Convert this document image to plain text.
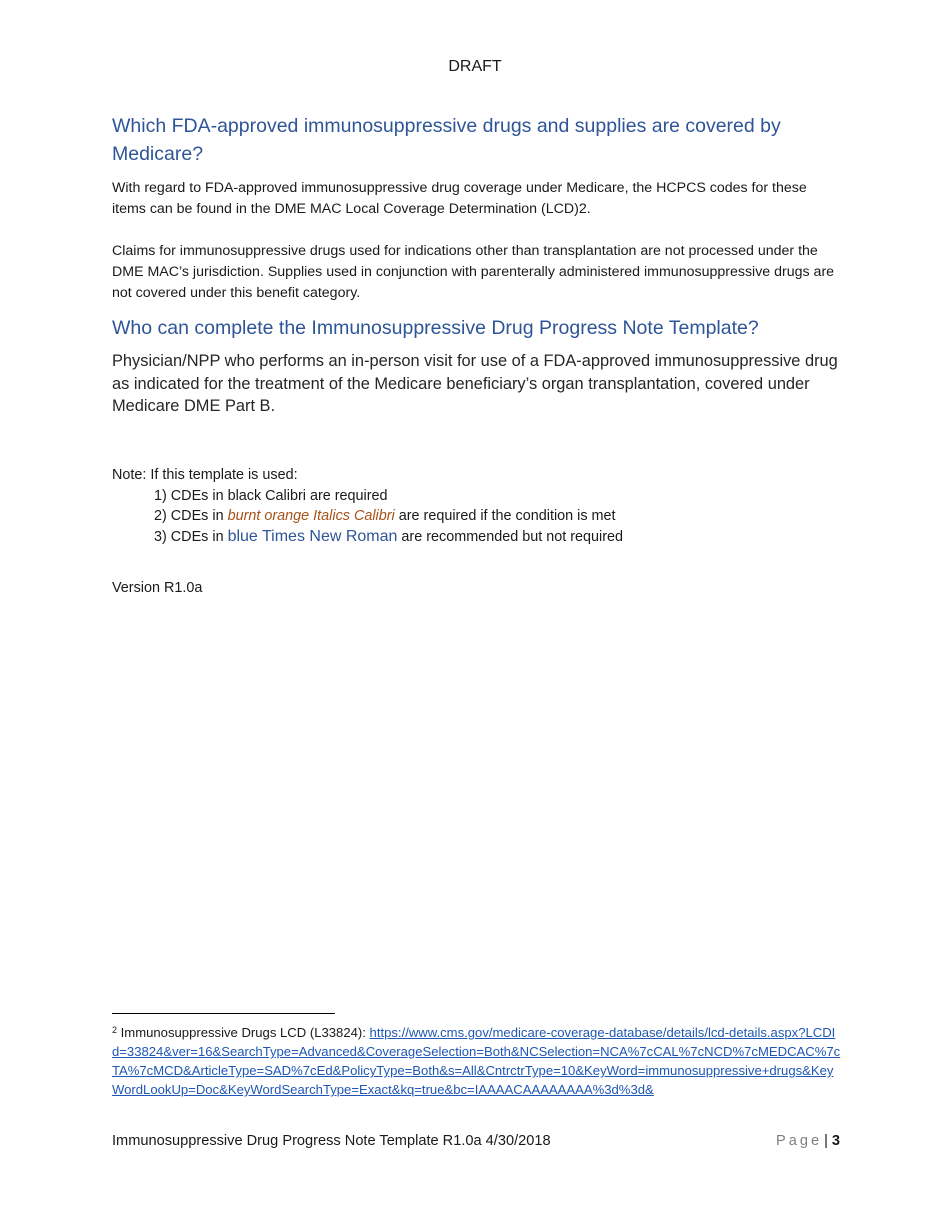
DRAFT
Which FDA-approved immunosuppressive drugs and supplies are covered by Medicare?

With regard to FDA-approved immunosuppressive drug coverage under Medicare, the HCPCS codes for these items can be found in the DME MAC Local Coverage Determination (LCD)2.

Claims for immunosuppressive drugs used for indications other than transplantation are not processed under the DME MAC’s jurisdiction. Supplies used in conjunction with parenterally administered immunosuppressive drugs are not covered under this benefit category.

Who can complete the Immunosuppressive Drug Progress Note Template?

Physician/NPP who performs an in-person visit for use of a FDA-approved immunosuppressive drug as indicated for the treatment of the Medicare beneficiary’s organ transplantation, covered under Medicare DME Part B.

Note: If this template is used:
1) CDEs in black Calibri are required
2) CDEs in burnt orange Italics Calibri are required if the condition is met
3) CDEs in blue Times New Roman are recommended but not required
Version R1.0a
$^2$ Immunosuppressive Drugs LCD (L33824): https://www.cms.gov/medicare-coverage-database/details/lcd-details.aspx?LCDId=33824&ver=16&SearchType=Advanced&CoverageSelection=Both&NCSelection=NCA%7cCAL%7cNCD%7cMEDCAC%7cTA%7cMCD&ArticleType=SAD%7cEd&PolicyType=Both&s=All&CntrctrType=10&KeyWord=immunosuppressive+drugs&KeyWordLookUp=Doc&KeyWordSearchType=Exact&kq=true&bc=IAAAACAAAAAAAA%3d%3d&
Immunosuppressive Drug Progress Note Template R1.0a 4/30/2018	Page | 3
